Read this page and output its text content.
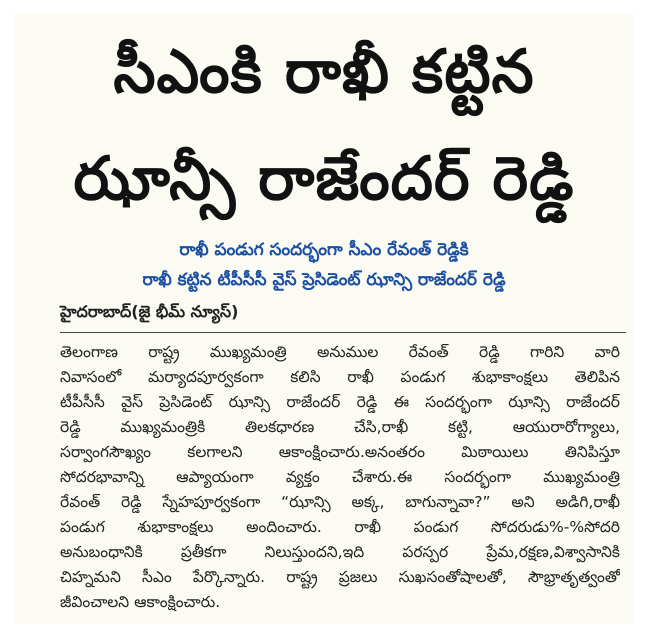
సీఎంకి రాఖీ కట్టిన
ఝాన్సీ రాజేందర్ రెడ్డి
రాఖీ పండుగ సందర్భంగా సీఎం రేవంత్ రెడ్డికి
రాఖీ కట్టిన టీపీసీసీ వైస్ ప్రెసిడెంట్ ఝాన్సి రాజేందర్ రెడ్డి
హైదరాబాద్(జై భీమ్ న్యూస్)
తెలంగాణ రాష్ట్ర ముఖ్యమంత్రి అనుముల రేవంత్ రెడ్డి గారిని వారి
నివాసంలో మర్యాదపూర్వకంగా కలిసి రాఖీ పండుగ శుభాకాంక్షలు తెలిపిన
టీపీసీసీ వైస్ ప్రెసిడెంట్ ఝాన్సి రాజేందర్ రెడ్డి ఈ సందర్భంగా ఝాన్సి రాజేందర్
రెడ్డి ముఖ్యమంత్రికి తిలకధారణ చేసి,రాఖీ కట్టి, ఆయురారోగ్యాలు,
సర్వాంగసౌఖ్యం కలగాలని ఆకాంక్షించారు.అనంతరం మిఠాయిలు తినిపిస్తూ
సోదరభావాన్ని ఆప్యాయంగా వ్యక్తం చేశారు.ఈ సందర్భంగా ముఖ్యమంత్రి
రేవంత్ రెడ్డి స్నేహపూర్వకంగా “ఝాన్సి అక్క, బాగున్నావా?” అని అడిగి,రాఖీ
పండుగ శుభాకాంక్షలు అందించారు. రాఖీ పండుగ సోదరుడు%-%సోదరి
అనుబంధానికి ప్రతీకగా నిలుస్తుందని,ఇది పరస్పర ప్రేమ,రక్షణ,విశ్వాసానికి
చిహ్నమని సీఎం పేర్కొన్నారు. రాష్ట్ర ప్రజలు సుఖసంతోషాలతో, సౌభ్రాతృత్వంతో
జీవించాలని ఆకాంక్షించారు.
